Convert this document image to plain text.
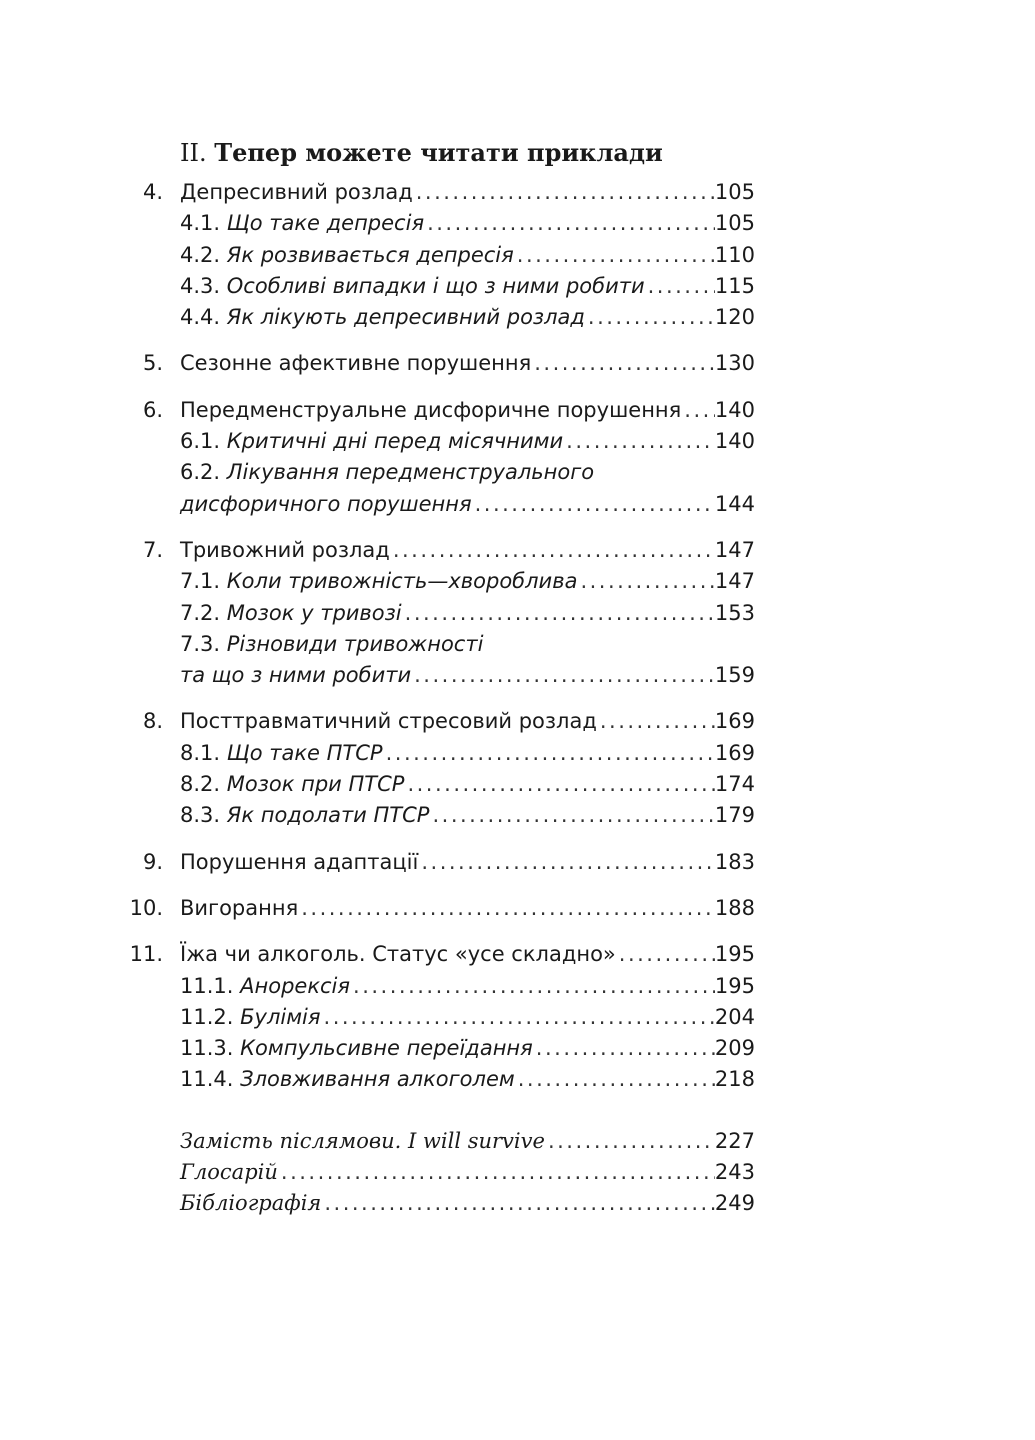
II. Тепер можете читати приклади
4. Депресивний розлад .....	105
4.1. Що таке депресія .....	105
4.2. Як розвивається депресія .....	110
4.3. Особливі випадки і що з ними робити .....	115
4.4. Як лікують депресивний розлад .....	120
5. Сезонне афективне порушення .....	130
6. Передменструальне дисфоричне порушення ..... 140
6.1. Критичні дні перед місячними .....	140
6.2. Лікування передменструального
дисфоричного порушення .....	144
7. Тривожний розлад .....	147
7.1. Коли тривожність—хвороблива .....	147
7.2. Мозок у тривозі .....	153
7.3. Різновиди тривожності
та що з ними робити .....	159
8. Посттравматичний стресовий розлад .....	169
8.1. Що таке ПТСР .....	169
8.2. Мозок при ПТСР .....	174
8.3. Як подолати ПТСР .....	179
9. Порушення адаптації .....	183
10. Вигорання .....	188
11. Їжа чи алкоголь. Статус «усе складно» .....	195
11.1. Анорексія .....	195
11.2. Булімія .....	204
11.3. Компульсивне переїдання .....	209
11.4. Зловживання алкоголем .....	218
Замість післямови. I will survive .....	227
Глосарій .....	243
Бібліографія .....	249
